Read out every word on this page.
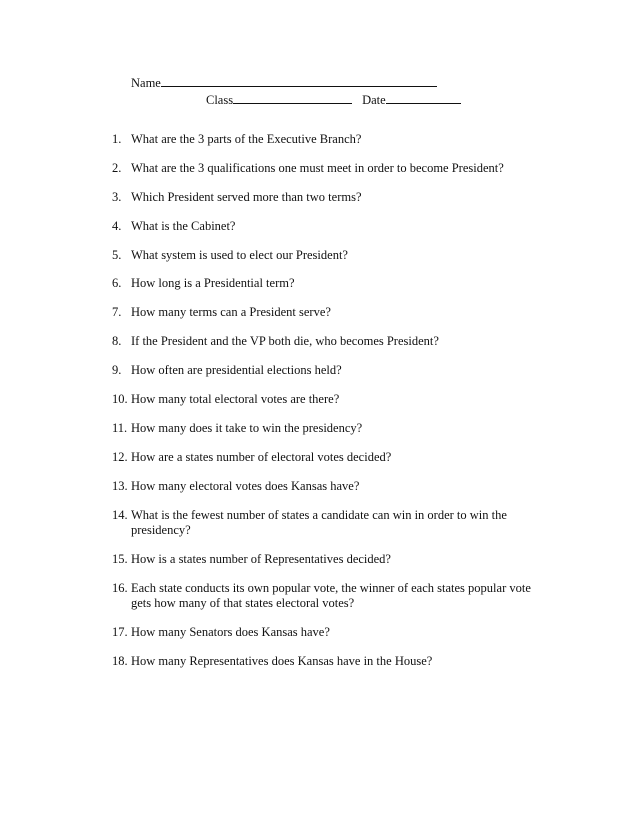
Name
Class	Date
1. What are the 3 parts of the Executive Branch?
2. What are the 3 qualifications one must meet in order to become President?
3. Which President served more than two terms?
4. What is the Cabinet?
5. What system is used to elect our President?
6. How long is a Presidential term?
7. How many terms can a President serve?
8. If the President and the VP both die, who becomes President?
9. How often are presidential elections held?
10. How many total electoral votes are there?
11. How many does it take to win the presidency?
12. How are a states number of electoral votes decided?
13. How many electoral votes does Kansas have?
14. What is the fewest number of states a candidate can win in order to win the presidency?
15. How is a states number of Representatives decided?
16. Each state conducts its own popular vote, the winner of each states popular vote gets how many of that states electoral votes?
17. How many Senators does Kansas have?
18. How many Representatives does Kansas have in the House?
